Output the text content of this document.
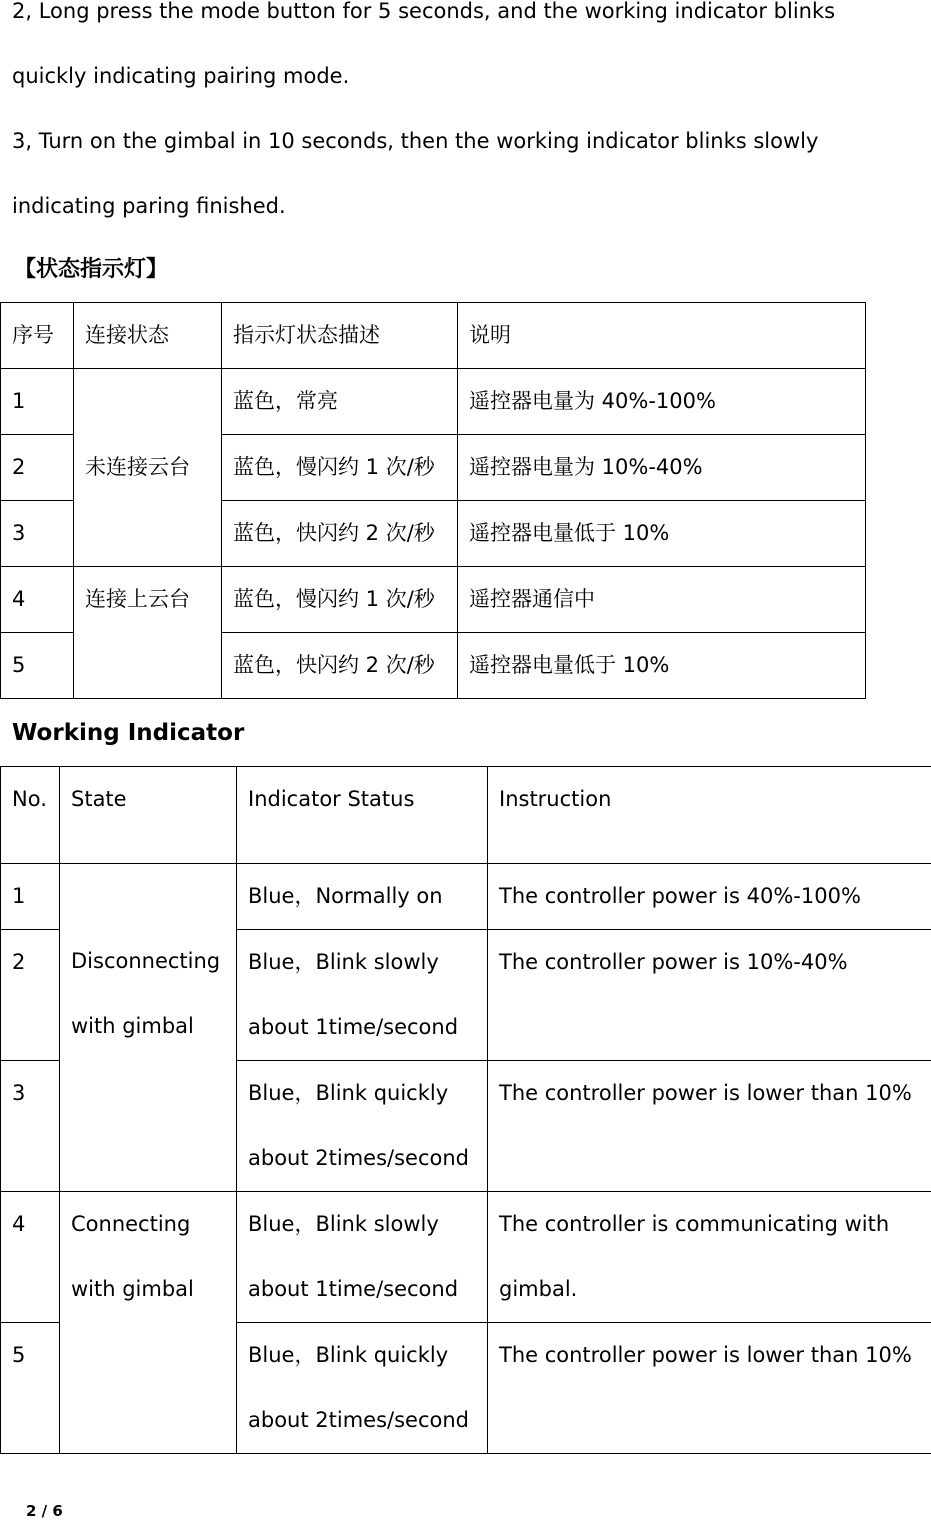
2, Long press the mode button for 5 seconds, and the working indicator blinks

quickly indicating pairing mode.

3, Turn on the gimbal in 10 seconds, then the working indicator blinks slowly

indicating paring finished.

【状态指示灯】
序号	连接状态	指示灯状态描述	说明
1	未连接云台	蓝色，常亮	遥控器电量为 40%-100%
2		蓝色，慢闪约 1 次/秒	遥控器电量为 10%-40%
3		蓝色，快闪约 2 次/秒	遥控器电量低于 10%
4	连接上云台	蓝色，慢闪约 1 次/秒	遥控器通信中
5		蓝色，快闪约 2 次/秒	遥控器电量低于 10%
Working Indicator
No.	State	Indicator Status	Instruction

1	Disconnecting
with gimbal	Blue，Normally on	The controller power is 40%-100%

2		Blue，Blink slowly
about 1time/second	The controller power is 10%-40%

3		Blue，Blink quickly
about 2times/second	The controller power is lower than 10%

4	Connecting
with gimbal	Blue，Blink slowly
about 1time/second	The controller is communicating with
gimbal.

5		Blue，Blink quickly
about 2times/second	The controller power is lower than 10%
2 / 6
